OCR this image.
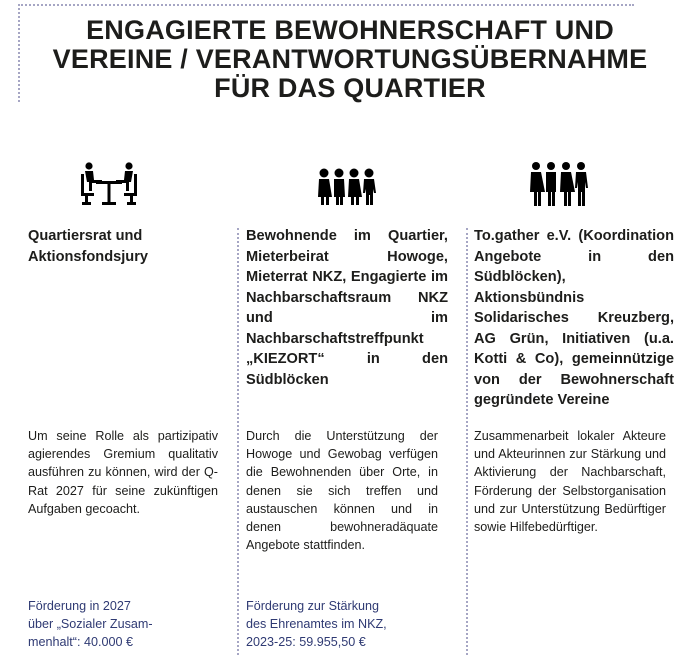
ENGAGIERTE BEWOHNERSCHAFT UND
VEREINE / VERANTWORTUNGSÜBERNAHME
FÜR DAS QUARTIER

Quartiersrat und Aktionsfondsjury

Bewohnende im Quartier, Mieterbeirat Howoge, Mieterrat NKZ, Engagierte im Nachbarschaftsraum NKZ und im Nachbarschaftstreffpunkt „KIEZORT“ in den Südblöcken

To.gather e.V. (Koordination Angebote in den Südblöcken), Aktionsbündnis Solidarisches Kreuzberg, AG Grün, Initiativen (u.a. Kotti & Co), gemeinnützige von der Bewohnerschaft gegründete Vereine

Um seine Rolle als partizipativ agierendes Gremium qualitativ ausführen zu können, wird der Q-Rat 2027 für seine zukünftigen Aufgaben gecoacht.

Durch die Unterstützung der Howoge und Gewobag verfügen die Bewohnenden über Orte, in denen sie sich treffen und austauschen können und in denen bewohneradäquate Angebote stattfinden.

Zusammenarbeit lokaler Akteure und Akteurinnen zur Stärkung und Aktivierung der Nachbarschaft, Förderung der Selbstorganisation und zur Unterstützung Bedürftiger sowie Hilfebedürftiger.

Förderung in 2027
über „Sozialer Zusam-
menhalt“: 40.000 €
Förderung zur Stärkung
des Ehrenamtes im NKZ,
2023-25: 59.955,50 €
